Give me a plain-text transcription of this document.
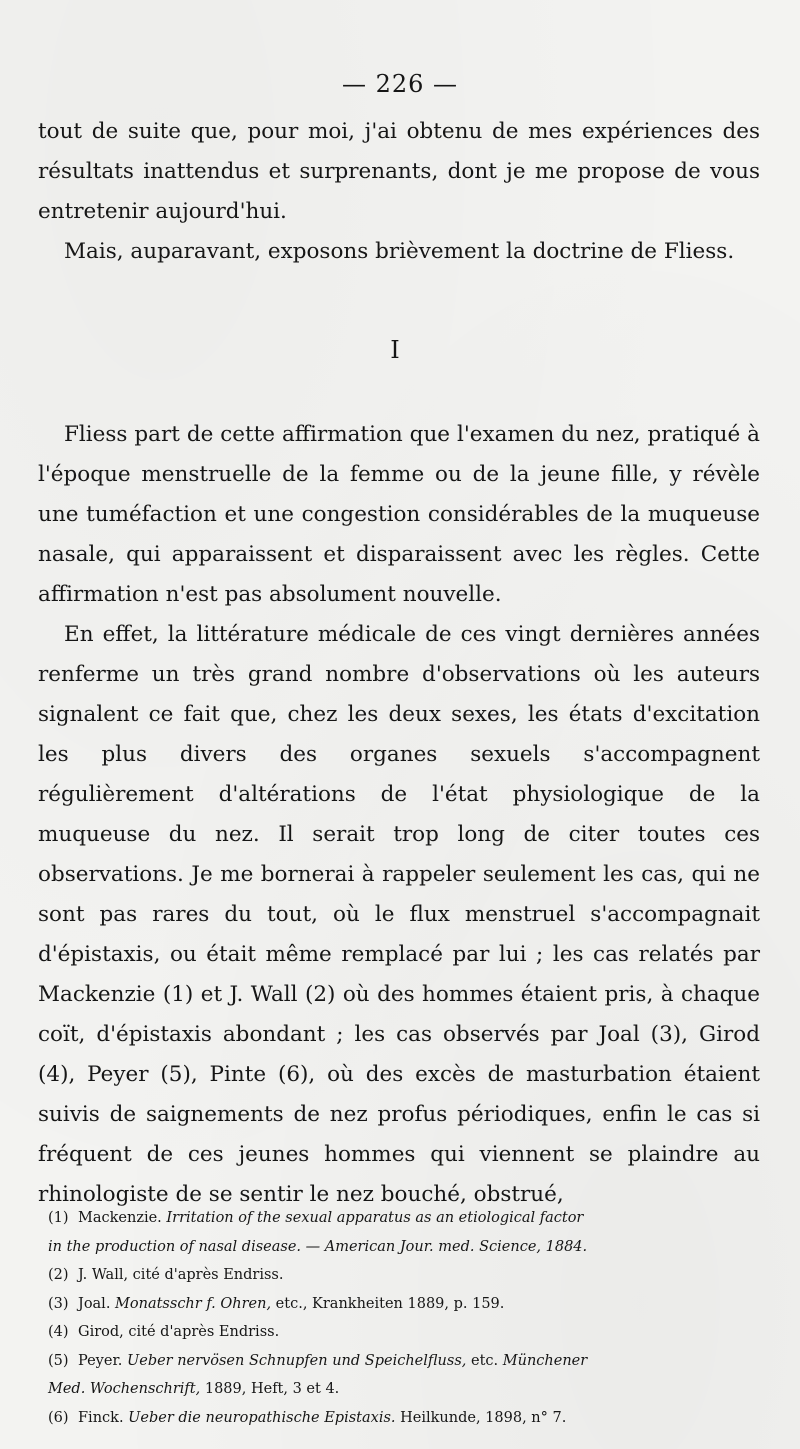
— 226 —

tout de suite que, pour moi, j'ai obtenu de mes expériences des résultats inattendus et surprenants, dont je me propose de vous entretenir aujourd'hui.

Mais, auparavant, exposons brièvement la doctrine de Fliess.

I

Fliess part de cette affirmation que l'examen du nez, pratiqué à l'époque menstruelle de la femme ou de la jeune fille, y révèle une tuméfaction et une congestion considérables de la muqueuse nasale, qui apparaissent et disparaissent avec les règles. Cette affirmation n'est pas absolument nouvelle.

En effet, la littérature médicale de ces vingt dernières années renferme un très grand nombre d'observations où les auteurs signalent ce fait que, chez les deux sexes, les états d'excitation les plus divers des organes sexuels s'accompagnent régulièrement d'altérations de l'état physiologique de la muqueuse du nez. Il serait trop long de citer toutes ces observations. Je me bornerai à rappeler seulement les cas, qui ne sont pas rares du tout, où le flux menstruel s'accompagnait d'épistaxis, ou était même remplacé par lui ; les cas relatés par Mackenzie (1) et J. Wall (2) où des hommes étaient pris, à chaque coït, d'épistaxis abondant ; les cas observés par Joal (3), Girod (4), Peyer (5), Pinte (6), où des excès de masturbation étaient suivis de saignements de nez profus périodiques, enfin le cas si fréquent de ces jeunes hommes qui viennent se plaindre au rhinologiste de se sentir le nez bouché, obstrué,

(1) Mackenzie. Irritation of the sexual apparatus as an etiological factor
in the production of nasal disease. — American Jour. med. Science, 1884.
(2) J. Wall, cité d'après Endriss.
(3) Joal. Monatsschr f. Ohren, etc., Krankheiten 1889, p. 159.
(4) Girod, cité d'après Endriss.
(5) Peyer. Ueber nervösen Schnupfen und Speichelfluss, etc. Münchener
Med. Wochenschrift, 1889, Heft, 3 et 4.
(6) Finck. Ueber die neuropathische Epistaxis. Heilkunde, 1898, n° 7.
